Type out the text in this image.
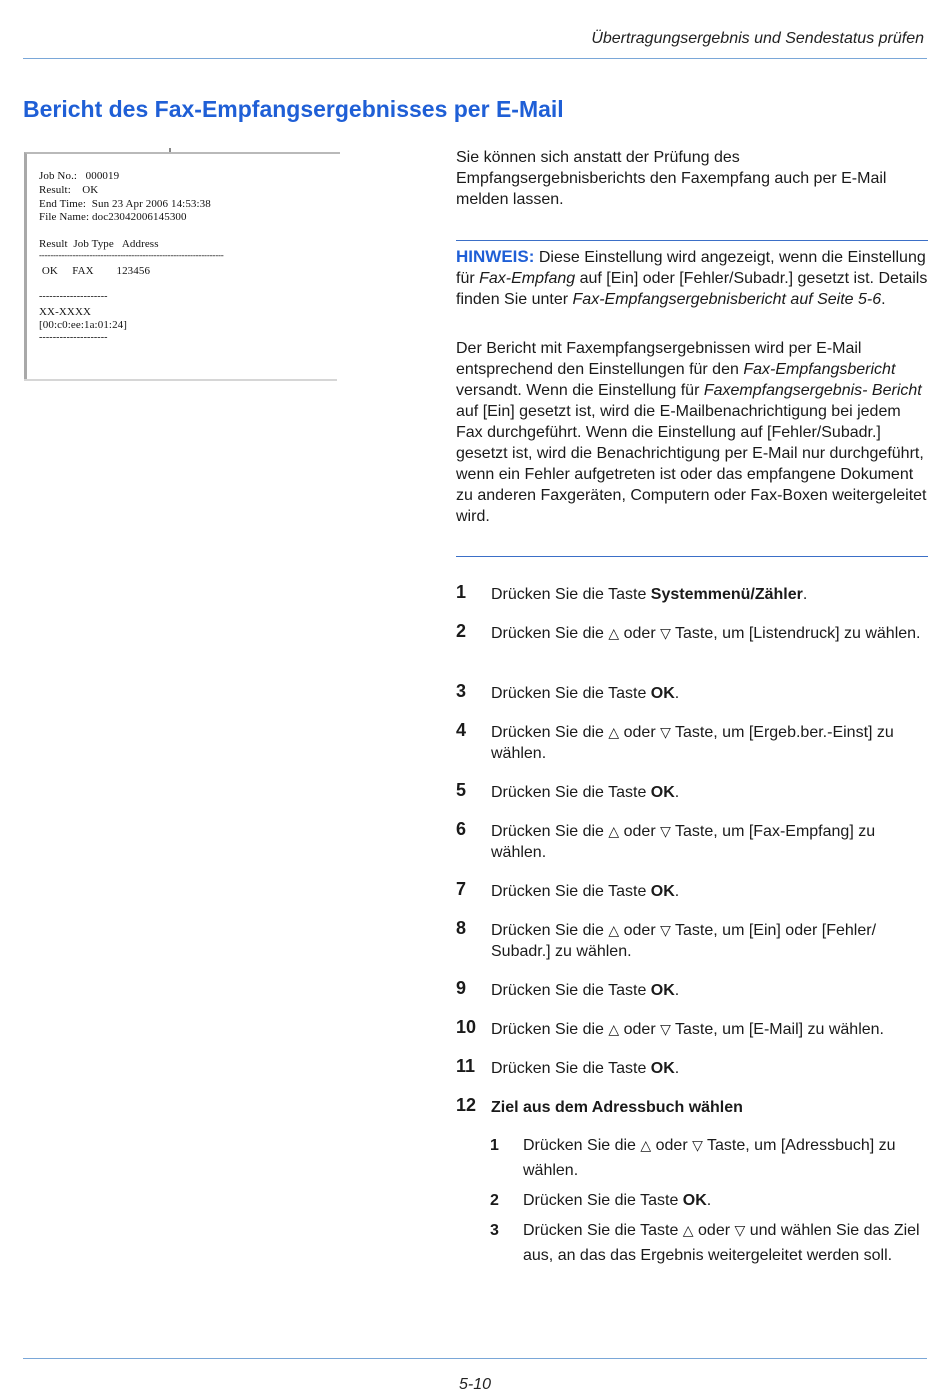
Übertragungsergebnis und Sendestatus prüfen
Bericht des Fax-Empfangsergebnisses per E-Mail
Job No.:   000019
Result:    OK
End Time:  Sun 23 Apr 2006 14:53:38
File Name: doc23042006145300
Result  Job Type   Address
------------------------------------------------------------------
OK     FAX        123456
--------------------
XX-XXXX
[00:c0:ee:1a:01:24]
--------------------
Sie können sich anstatt der Prüfung des Empfangsergebnisberichts den Faxempfang auch per E-Mail melden lassen.
HINWEIS: Diese Einstellung wird angezeigt, wenn die Einstellung für Fax-Empfang auf [Ein] oder [Fehler/Subadr.] gesetzt ist. Details finden Sie unter Fax-Empfangsergebnisbericht auf Seite 5-6.
Der Bericht mit Faxempfangsergebnissen wird per E-Mail entsprechend den Einstellungen für den Fax-Empfangsbericht versandt. Wenn die Einstellung für Faxempfangsergebnis- Bericht auf [Ein] gesetzt ist, wird die E-Mailbenachrichtigung bei jedem Fax durchgeführt. Wenn die Einstellung auf [Fehler/Subadr.] gesetzt ist, wird die Benachrichtigung per E-Mail nur durchgeführt, wenn ein Fehler aufgetreten ist oder das empfangene Dokument zu anderen Faxgeräten, Computern oder Fax-Boxen weitergeleitet wird.
1 Drücken Sie die Taste Systemmenü/Zähler.
2 Drücken Sie die △ oder ▽ Taste, um [Listendruck] zu wählen.
3 Drücken Sie die Taste OK.
4 Drücken Sie die △ oder ▽ Taste, um [Ergeb.ber.-Einst] zu wählen.
5 Drücken Sie die Taste OK.
6 Drücken Sie die △ oder ▽ Taste, um [Fax-Empfang] zu wählen.
7 Drücken Sie die Taste OK.
8 Drücken Sie die △ oder ▽ Taste, um [Ein] oder [Fehler/ Subadr.] zu wählen.
9 Drücken Sie die Taste OK.
10 Drücken Sie die △ oder ▽ Taste, um [E-Mail] zu wählen.
11 Drücken Sie die Taste OK.
12 Ziel aus dem Adressbuch wählen
1 Drücken Sie die △ oder ▽ Taste, um [Adressbuch] zu wählen.
2 Drücken Sie die Taste OK.
3 Drücken Sie die Taste △ oder ▽ und wählen Sie das Ziel aus, an das das Ergebnis weitergeleitet werden soll.
5-10
